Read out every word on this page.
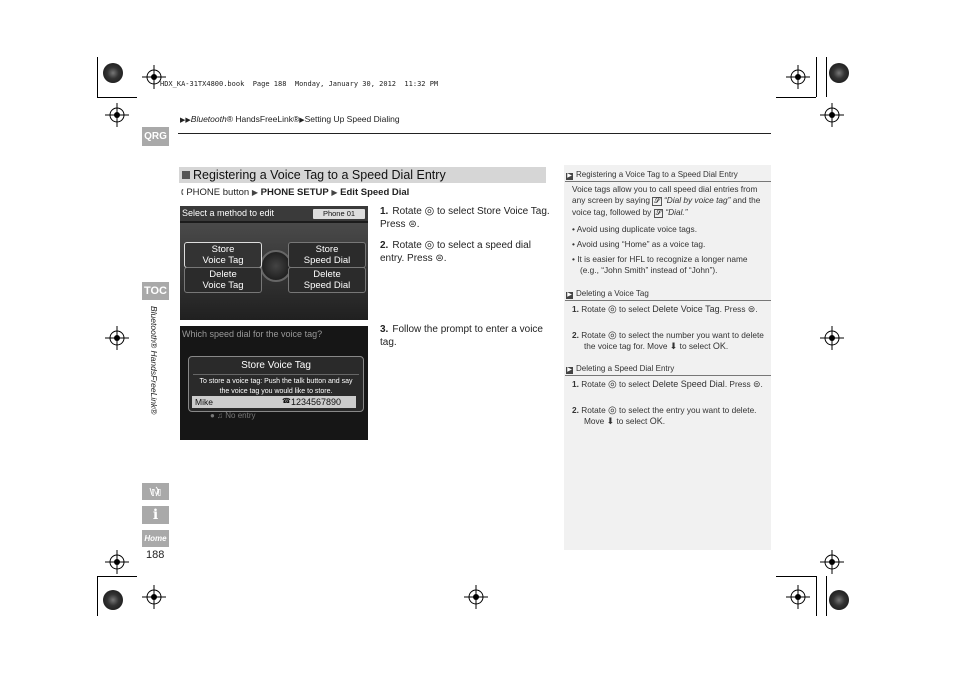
HDX_KA-31TX4800.book  Page 188  Monday, January 30, 2012  11:32 PM
▶▶Bluetooth® HandsFreeLink®▶Setting Up Speed Dialing
QRG
TOC
Bluetooth® HandsFreeLink®
𝕄
i
Home
188
Registering a Voice Tag to a Speed Dial Entry
🕻 PHONE button ▶ PHONE SETUP ▶ Edit Speed Dial
Select a method to edit	Phone 01
Store Voice Tag
Store Speed Dial
Delete Voice Tag
Delete Speed Dial
Which speed dial for the voice tag?
Store Voice Tag
To store a voice tag: Push the talk button and say the voice tag you would like to store.
Mike	☎ 1234567890
● ♫ No entry
1. Rotate ◎ to select Store Voice Tag. Press ⊜.
2. Rotate ◎ to select a speed dial entry. Press ⊜.
3. Follow the prompt to enter a voice tag.
▶ Registering a Voice Tag to a Speed Dial Entry
Voice tags allow you to call speed dial entries from any screen by saying 𝓢 “Dial by voice tag” and the voice tag, followed by 𝓢 “Dial.”
• Avoid using duplicate voice tags.
• Avoid using “Home” as a voice tag.
• It is easier for HFL to recognize a longer name (e.g., “John Smith” instead of “John”).
▶ Deleting a Voice Tag
1. Rotate ◎ to select Delete Voice Tag. Press ⊜.
2. Rotate ◎ to select the number you want to delete the voice tag for. Move ⬇ to select OK.
▶ Deleting a Speed Dial Entry
1. Rotate ◎ to select Delete Speed Dial. Press ⊜.
2. Rotate ◎ to select the entry you want to delete. Move ⬇ to select OK.
